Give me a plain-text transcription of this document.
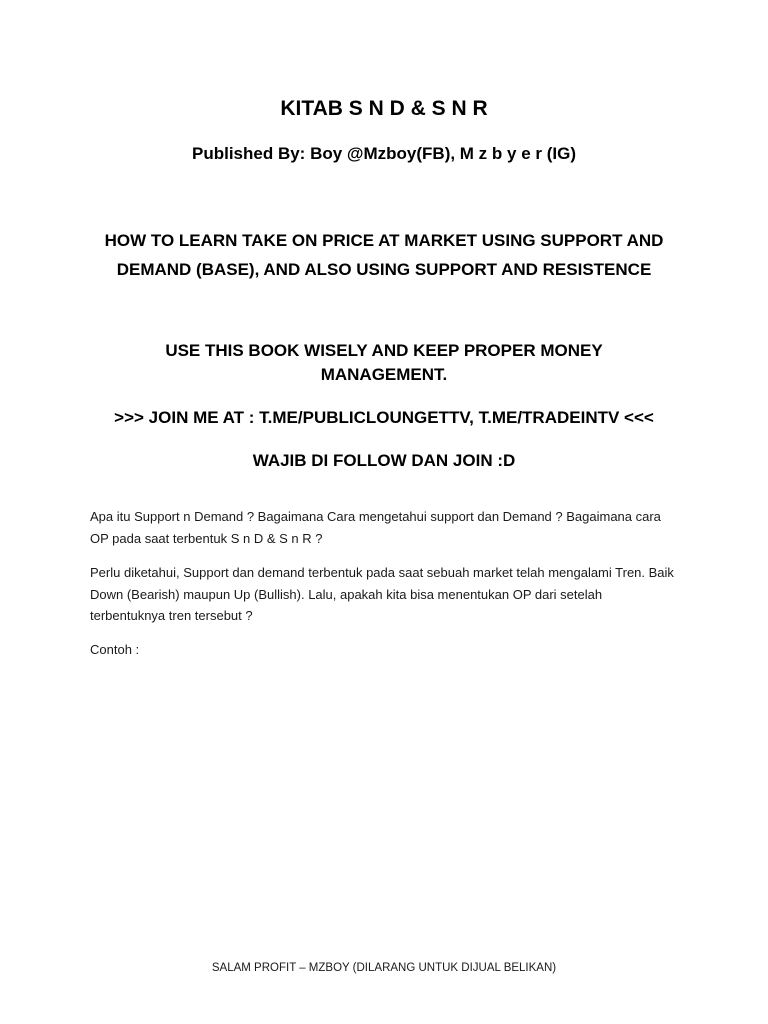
KITAB S N D & S N R
Published By: Boy @Mzboy(FB), M z b y e r (IG)
HOW TO LEARN TAKE ON PRICE AT MARKET USING SUPPORT AND DEMAND (BASE), AND ALSO USING SUPPORT AND RESISTENCE
USE THIS BOOK WISELY AND KEEP PROPER MONEY MANAGEMENT.
>>> JOIN ME AT : T.ME/PUBLICLOUNGETTV, T.ME/TRADEINTV <<<
WAJIB DI FOLLOW DAN JOIN :D

Apa itu Support n Demand ? Bagaimana Cara mengetahui support dan Demand ? Bagaimana cara OP pada saat terbentuk S n D & S n R ?

Perlu diketahui, Support dan demand terbentuk pada saat sebuah market telah mengalami Tren. Baik Down (Bearish) maupun Up (Bullish). Lalu, apakah kita bisa menentukan OP dari setelah terbentuknya tren tersebut ?

Contoh :

SALAM PROFIT – MZBOY (DILARANG UNTUK DIJUAL BELIKAN)
